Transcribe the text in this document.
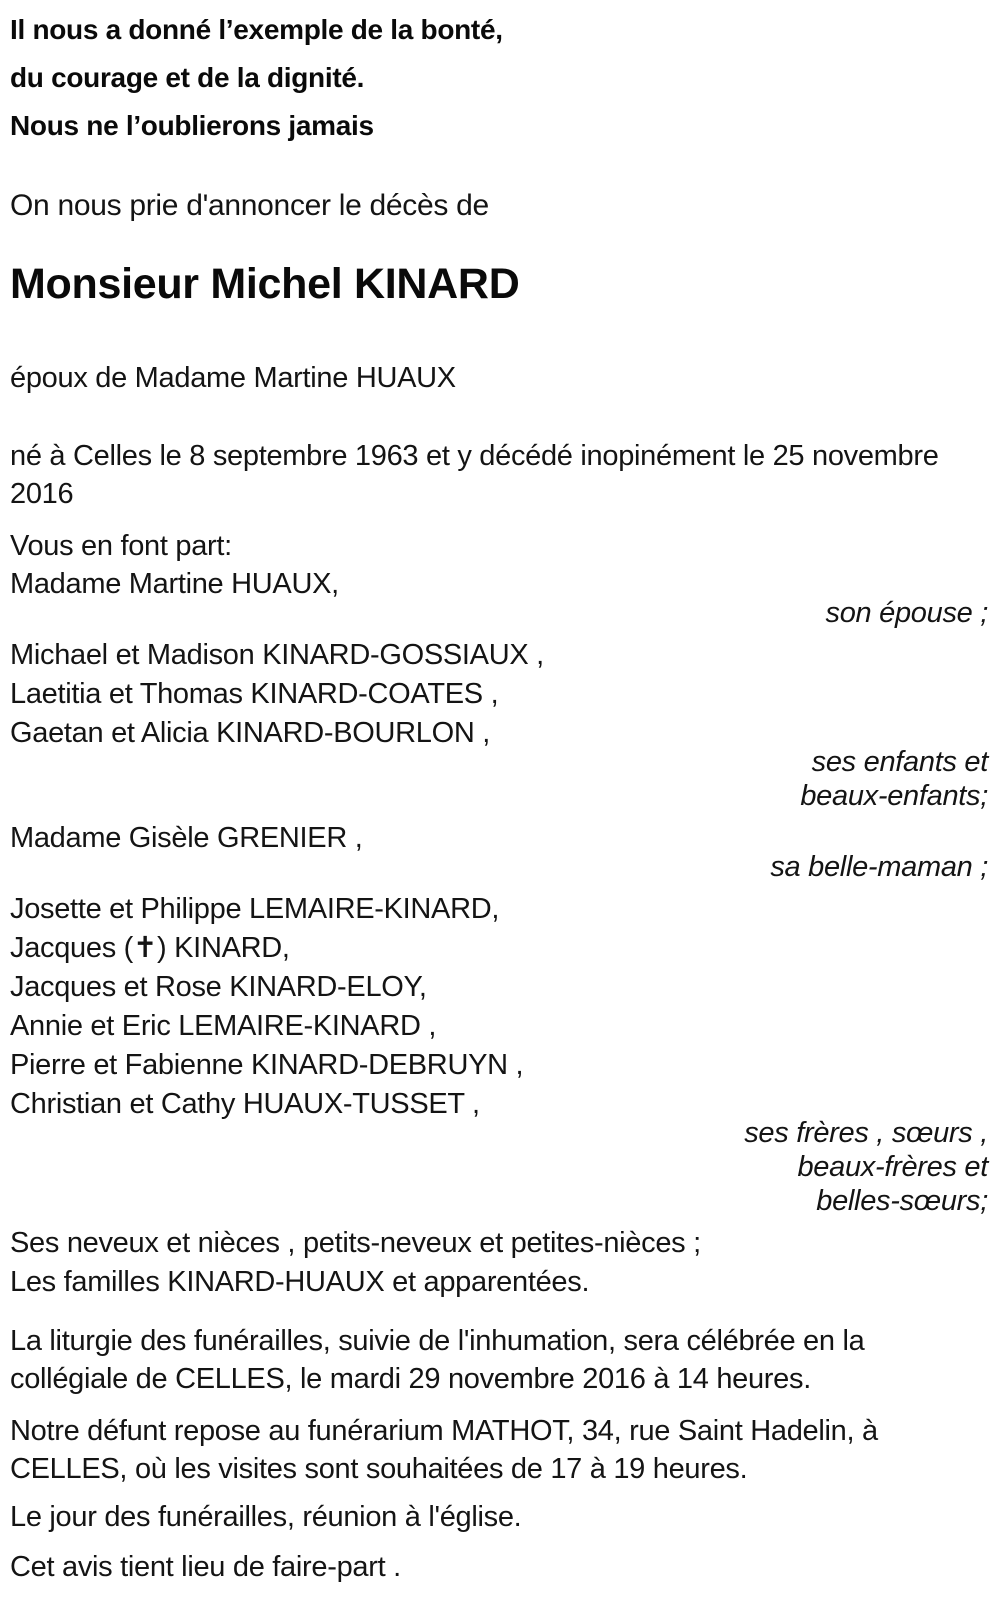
Il nous a donné l’exemple de la bonté,
du courage et de la dignité.
Nous ne l’oublierons jamais
On nous prie d'annoncer le décès de
Monsieur Michel KINARD
époux de Madame Martine HUAUX
né à Celles le 8 septembre 1963 et y décédé inopinément le 25 novembre
2016
Vous en font part:
Madame Martine HUAUX,
son épouse ;
Michael et Madison KINARD-GOSSIAUX ,
Laetitia et Thomas KINARD-COATES ,
Gaetan et Alicia KINARD-BOURLON ,
ses enfants et
beaux-enfants;
Madame Gisèle GRENIER ,
sa belle-maman ;
Josette et Philippe LEMAIRE-KINARD,
Jacques (✝) KINARD,
Jacques et Rose KINARD-ELOY,
Annie et Eric LEMAIRE-KINARD ,
Pierre et Fabienne KINARD-DEBRUYN ,
Christian et Cathy HUAUX-TUSSET ,
ses frères , sœurs ,
beaux-frères et
belles-sœurs;
Ses neveux et nièces , petits-neveux et petites-nièces ;
Les familles KINARD-HUAUX et apparentées.
La liturgie des funérailles, suivie de l'inhumation, sera célébrée en la
collégiale de CELLES, le mardi 29 novembre 2016 à 14 heures.
Notre défunt repose au funérarium MATHOT, 34, rue Saint Hadelin, à
CELLES, où les visites sont souhaitées de 17 à 19 heures.
Le jour des funérailles, réunion à l'église.
Cet avis tient lieu de faire-part .
